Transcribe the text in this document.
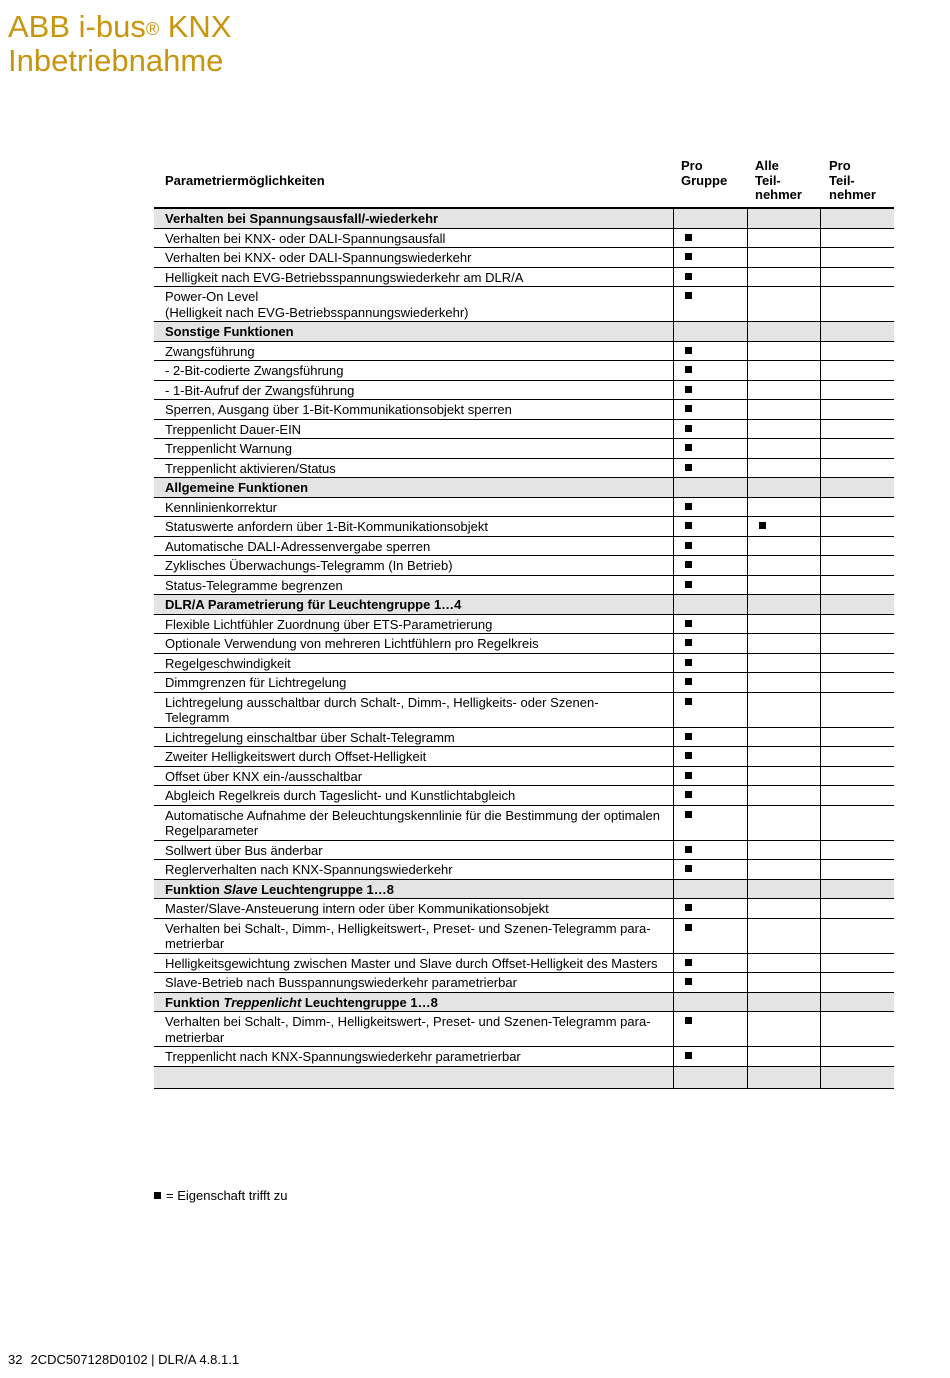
ABB i-bus® KNX
Inbetriebnahme
Parametriermöglichkeiten
Pro
Gruppe
Alle
Teil-
nehmer
Pro
Teil-
nehmer
Verhalten bei Spannungsausfall/-wiederkehr
Verhalten bei KNX- oder DALI-Spannungsausfall
Verhalten bei KNX- oder DALI-Spannungswiederkehr
Helligkeit nach EVG-Betriebsspannungswiederkehr am DLR/A
Power-On Level
(Helligkeit nach EVG-Betriebsspannungswiederkehr)
Sonstige Funktionen
Zwangsführung
- 2-Bit-codierte Zwangsführung
- 1-Bit-Aufruf der Zwangsführung
Sperren, Ausgang über 1-Bit-Kommunikationsobjekt sperren
Treppenlicht Dauer-EIN
Treppenlicht Warnung
Treppenlicht aktivieren/Status
Allgemeine Funktionen
Kennlinienkorrektur
Statuswerte anfordern über 1-Bit-Kommunikationsobjekt
Automatische DALI-Adressenvergabe sperren
Zyklisches Überwachungs-Telegramm (In Betrieb)
Status-Telegramme begrenzen
DLR/A Parametrierung für Leuchtengruppe 1…4
Flexible Lichtfühler Zuordnung über ETS-Parametrierung
Optionale Verwendung von mehreren Lichtfühlern pro Regelkreis
Regelgeschwindigkeit
Dimmgrenzen für Lichtregelung
Lichtregelung ausschaltbar durch Schalt-, Dimm-, Helligkeits- oder Szenen-
Telegramm
Lichtregelung einschaltbar über Schalt-Telegramm
Zweiter Helligkeitswert durch Offset-Helligkeit
Offset über KNX ein-/ausschaltbar
Abgleich Regelkreis durch Tageslicht- und Kunstlichtabgleich
Automatische Aufnahme der Beleuchtungskennlinie für die Bestimmung der optimalen
Regelparameter
Sollwert über Bus änderbar
Reglerverhalten nach KNX-Spannungswiederkehr
Funktion Slave Leuchtengruppe 1…8
Master/Slave-Ansteuerung intern oder über Kommunikationsobjekt
Verhalten bei Schalt-, Dimm-, Helligkeitswert-, Preset- und Szenen-Telegramm para-
metrierbar
Helligkeitsgewichtung zwischen Master und Slave durch Offset-Helligkeit des Masters
Slave-Betrieb nach Busspannungswiederkehr parametrierbar
Funktion Treppenlicht Leuchtengruppe 1…8
Verhalten bei Schalt-, Dimm-, Helligkeitswert-, Preset- und Szenen-Telegramm para-
metrierbar
Treppenlicht nach KNX-Spannungswiederkehr parametrierbar
= Eigenschaft trifft zu
32 2CDC507128D0102 | DLR/A 4.8.1.1
